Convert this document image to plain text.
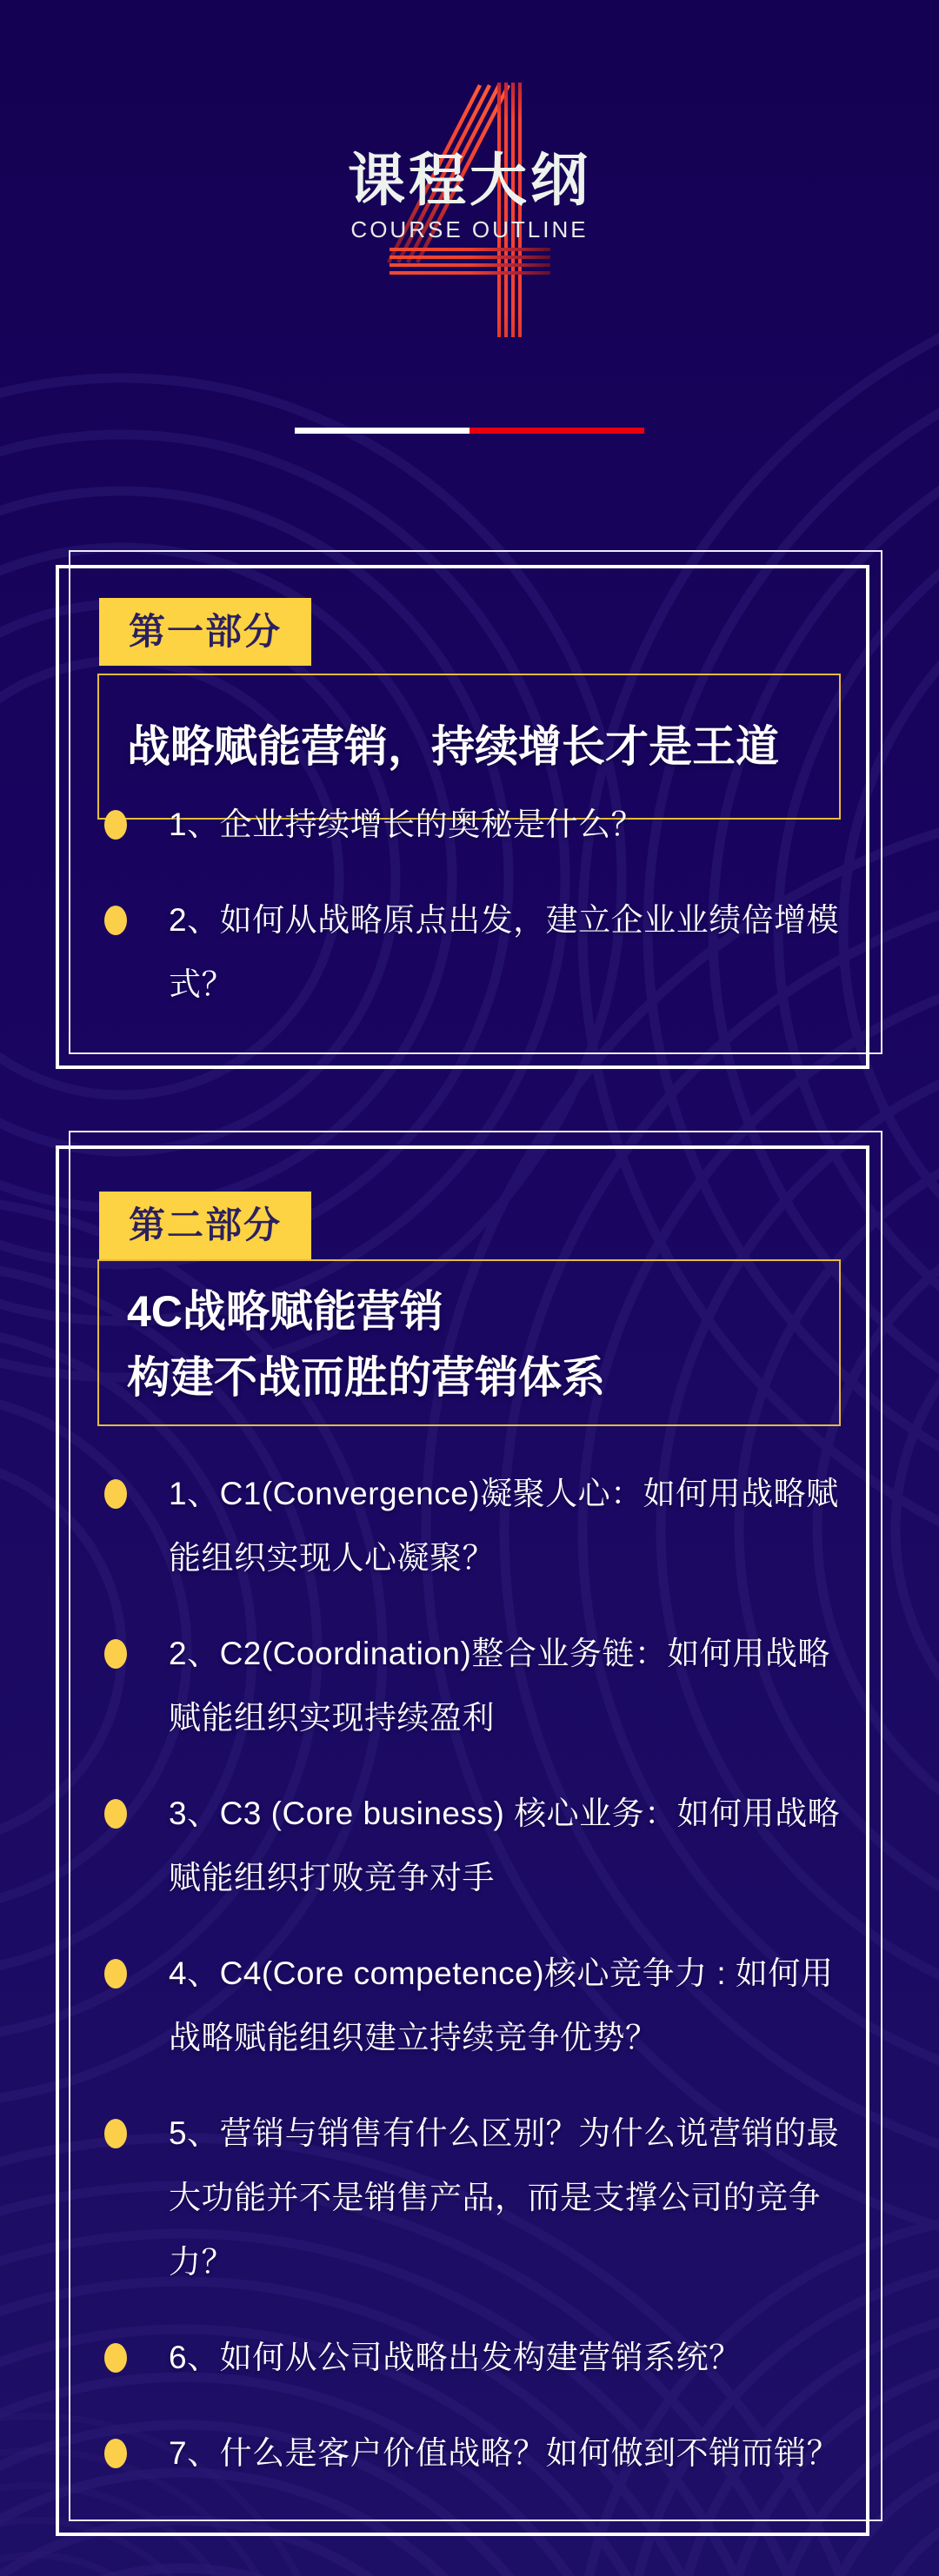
课程大纲
COURSE OUTLINE
第一部分
战略赋能营销，持续增长才是王道
1、企业持续增长的奥秘是什么？
2、如何从战略原点出发，建立企业业绩倍增模式？
第二部分
4C战略赋能营销
构建不战而胜的营销体系
1、C1(Convergence)凝聚人心：如何用战略赋能组织实现人心凝聚？
2、C2(Coordination)整合业务链：如何用战略赋能组织实现持续盈利
3、C3 (Core business) 核心业务：如何用战略赋能组织打败竞争对手
4、C4(Core competence)核心竞争力 : 如何用战略赋能组织建立持续竞争优势？
5、营销与销售有什么区别？为什么说营销的最大功能并不是销售产品，而是支撑公司的竞争力？
6、如何从公司战略出发构建营销系统？
7、什么是客户价值战略？如何做到不销而销？
